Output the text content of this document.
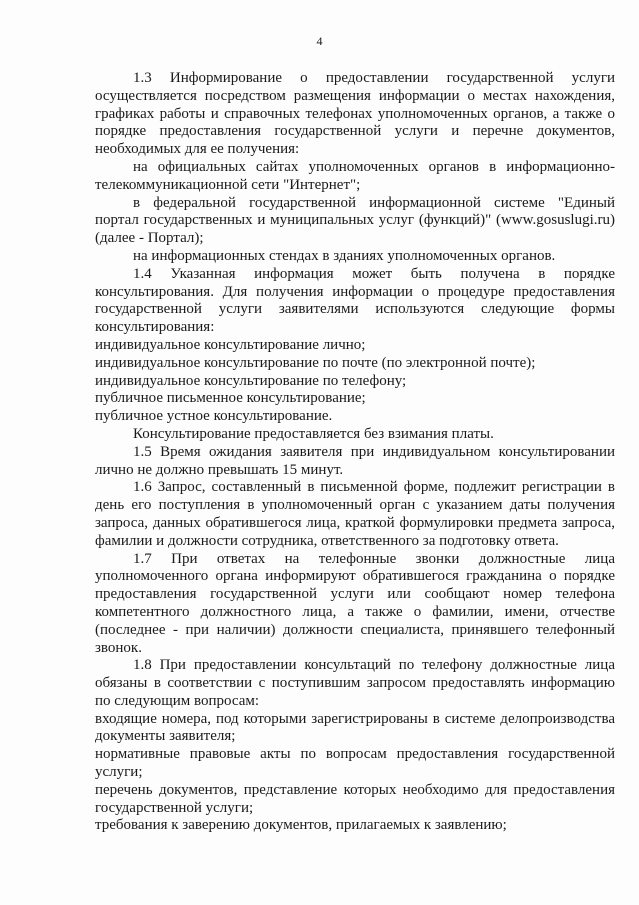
4

1.3 Информирование о предоставлении государственной услуги осуществляется посредством размещения информации о местах нахождения, графиках работы и справочных телефонах уполномоченных органов, а также о порядке предоставления государственной услуги и перечне документов, необходимых для ее получения:

на официальных сайтах уполномоченных органов в информационно-телекоммуникационной сети "Интернет";

в федеральной государственной информационной системе "Единый портал государственных и муниципальных услуг (функций)" (www.gosuslugi.ru) (далее - Портал);

на информационных стендах в зданиях уполномоченных органов.

1.4 Указанная информация может быть получена в порядке консультирования. Для получения информации о процедуре предоставления государственной услуги заявителями используются следующие формы консультирования:

индивидуальное консультирование лично;

индивидуальное консультирование по почте (по электронной почте);

индивидуальное консультирование по телефону;

публичное письменное консультирование;

публичное устное консультирование.

Консультирование предоставляется без взимания платы.

1.5 Время ожидания заявителя при индивидуальном консультировании лично не должно превышать 15 минут.

1.6 Запрос, составленный в письменной форме, подлежит регистрации в день его поступления в уполномоченный орган с указанием даты получения запроса, данных обратившегося лица, краткой формулировки предмета запроса, фамилии и должности сотрудника, ответственного за подготовку ответа.

1.7 При ответах на телефонные звонки должностные лица уполномоченного органа информируют обратившегося гражданина о порядке предоставления государственной услуги или сообщают номер телефона компетентного должностного лица, а также о фамилии, имени, отчестве (последнее - при наличии) должности специалиста, принявшего телефонный звонок.

1.8 При предоставлении консультаций по телефону должностные лица обязаны в соответствии с поступившим запросом предоставлять информацию по следующим вопросам:

входящие номера, под которыми зарегистрированы в системе делопроизводства документы заявителя;

нормативные правовые акты по вопросам предоставления государственной услуги;

перечень документов, представление которых необходимо для предоставления государственной услуги;

требования к заверению документов, прилагаемых к заявлению;
